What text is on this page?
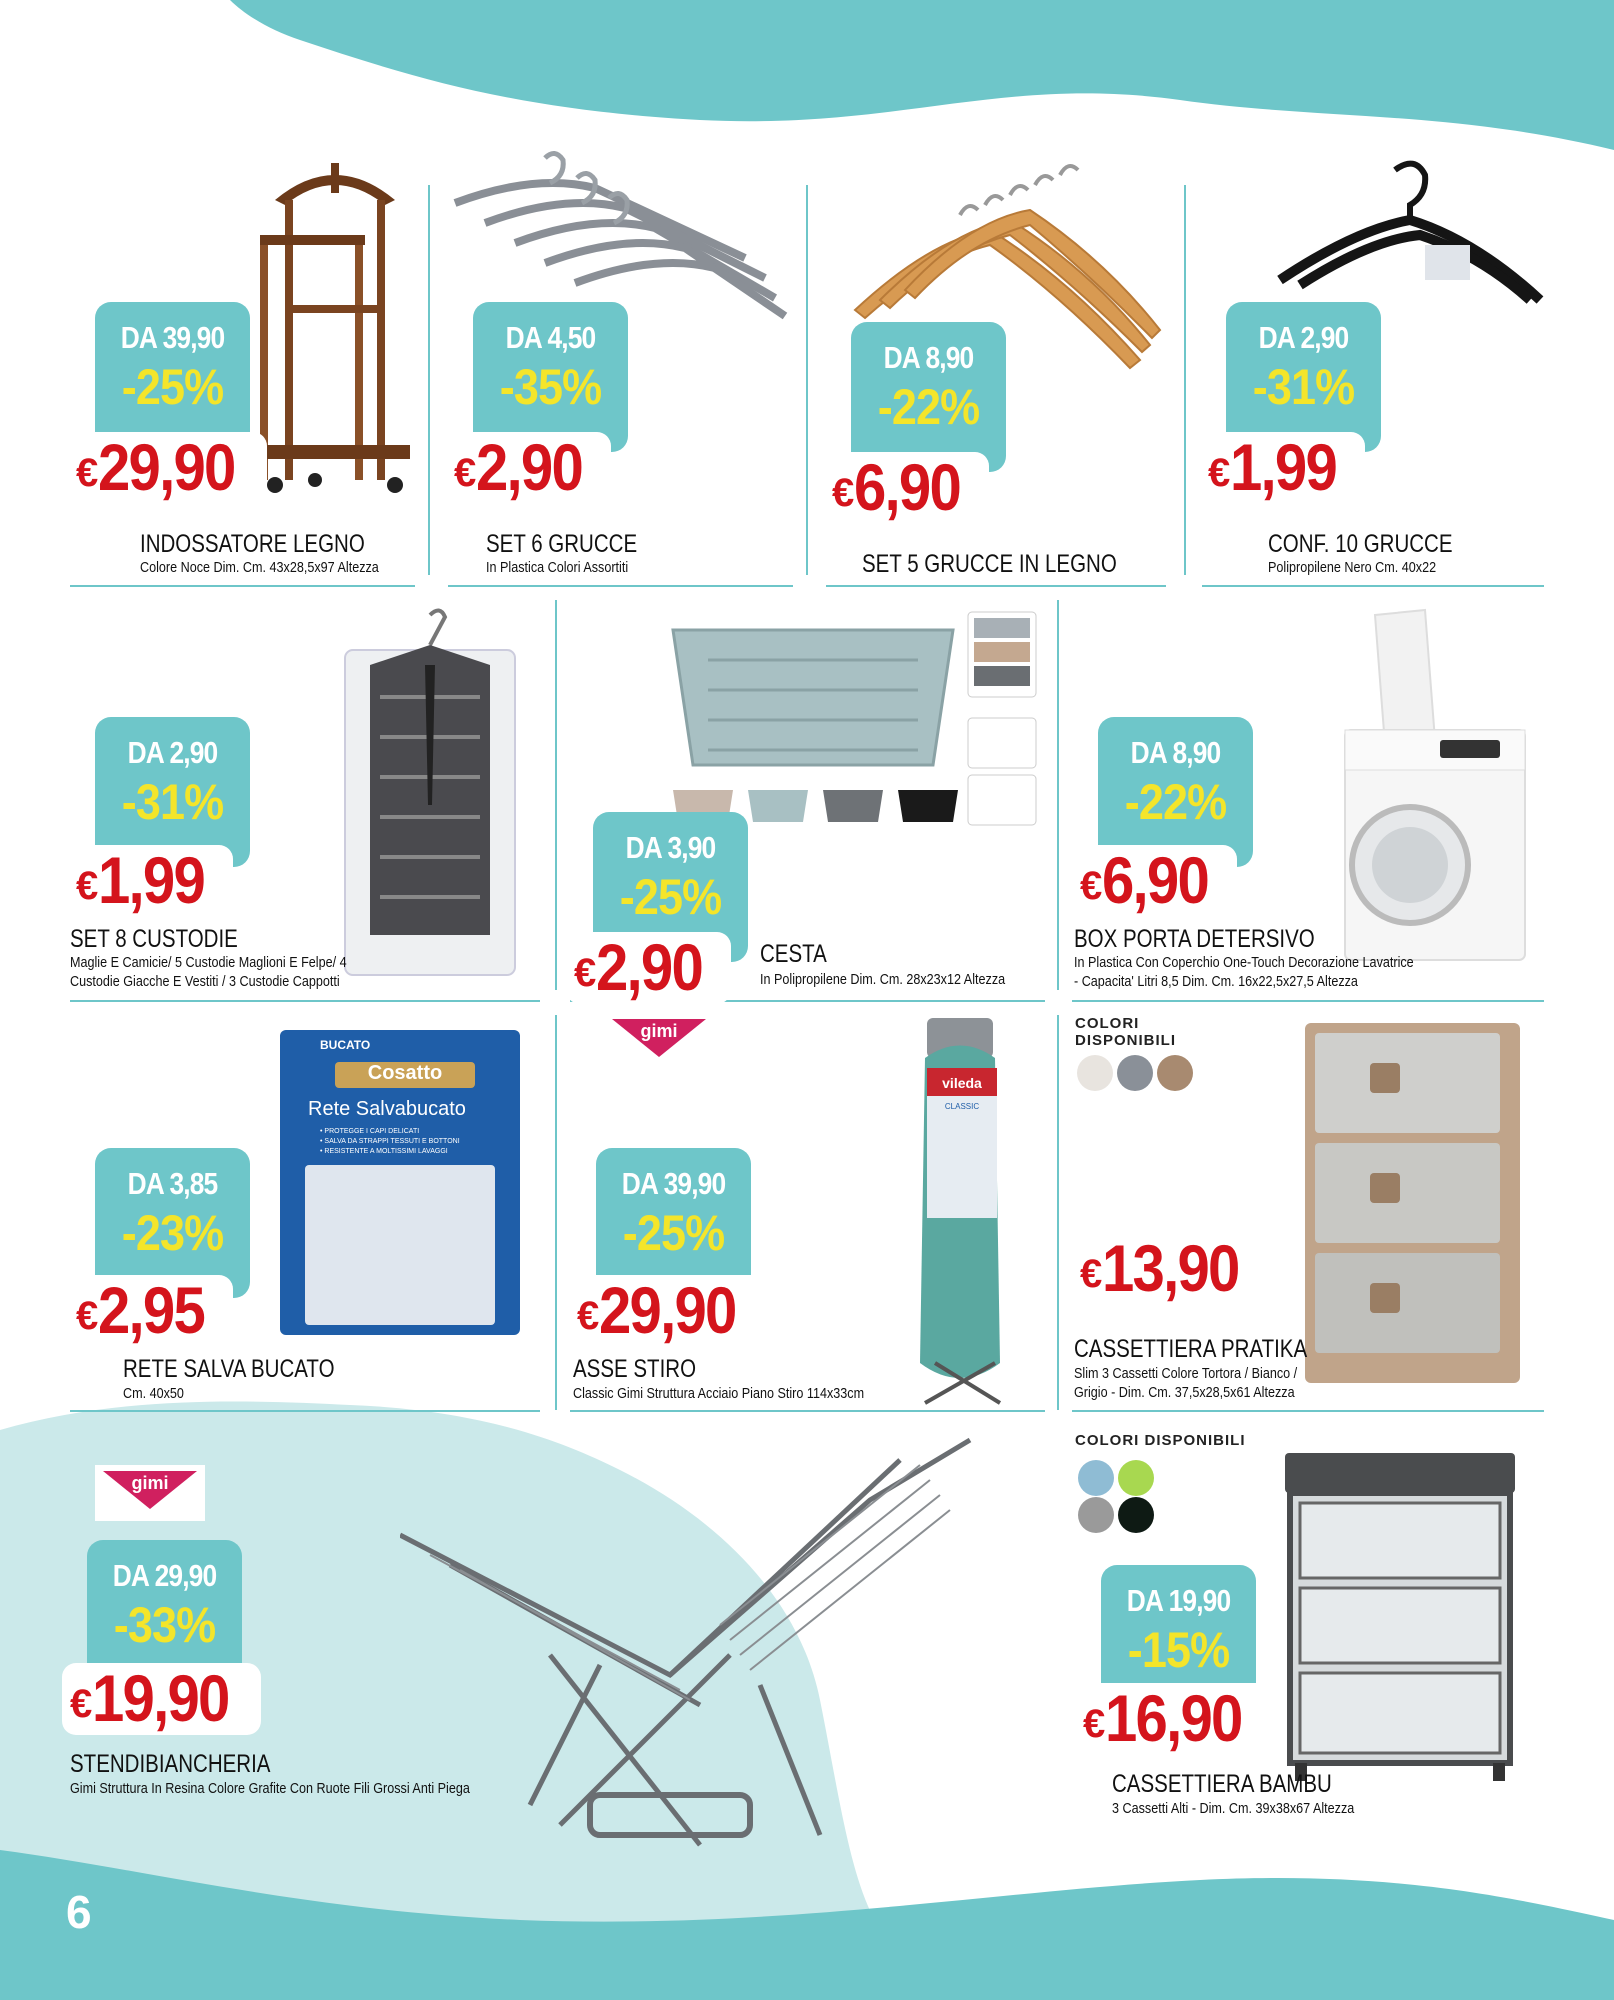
DA 39,90
-25%
€29,90
INDOSSATORE LEGNO
Colore Noce Dim. Cm. 43x28,5x97 Altezza
DA 4,50
-35%
€2,90
SET 6 GRUCCE
In Plastica Colori Assortiti
DA 8,90
-22%
€6,90
SET 5 GRUCCE IN LEGNO
DA 2,90
-31%
€1,99
CONF. 10 GRUCCE
Polipropilene Nero Cm. 40x22
DA 2,90
-31%
€1,99
SET 8 CUSTODIE
Maglie E Camicie/ 5 Custodie Maglioni E Felpe/ 4
Custodie Giacche E Vestiti / 3 Custodie Cappotti
DA 3,90
-25%
€2,90	CESTA
In Polipropilene Dim. Cm. 28x23x12 Altezza
DA 8,90
-22%
€6,90
BOX PORTA DETERSIVO
In Plastica Con Coperchio One-Touch Decorazione Lavatrice
- Capacita' Litri 8,5 Dim. Cm. 16x22,5x27,5 Altezza
BUCATO
Cosatto
Rete Salvabucato
• PROTEGGE I CAPI DELICATI
• SALVA DA STRAPPI TESSUTI E BOTTONI
• RESISTENTE A MOLTISSIMI LAVAGGI
DA 3,85
-23%
€2,95
RETE SALVA BUCATO
Cm. 40x50
gimi
vileda
CLASSIC
DA 39,90
-25%
€29,90
ASSE STIRO
Classic Gimi Struttura Acciaio Piano Stiro 114x33cm
COLORI
DISPONIBILI
€13,90
CASSETTIERA PRATIKA
Slim 3 Cassetti Colore Tortora / Bianco /
Grigio - Dim. Cm. 37,5x28,5x61 Altezza
gimi
DA 29,90
-33%
€19,90
STENDIBIANCHERIA
Gimi Struttura In Resina Colore Grafite Con Ruote Fili Grossi Anti Piega
COLORI DISPONIBILI
DA 19,90
-15%
€16,90
CASSETTIERA BAMBU
3 Cassetti Alti - Dim. Cm. 39x38x67 Altezza
6
